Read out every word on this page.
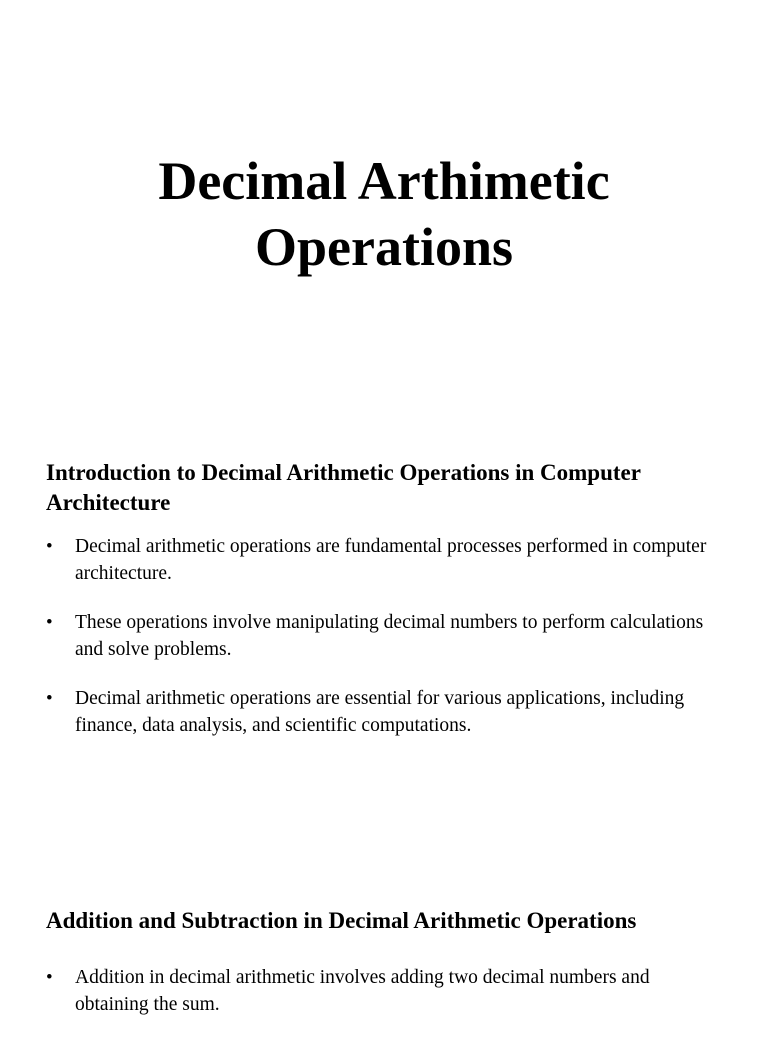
Decimal Arthimetic
Operations
Introduction to Decimal Arithmetic Operations in Computer Architecture
• Decimal arithmetic operations are fundamental processes performed in computer architecture.
• These operations involve manipulating decimal numbers to perform calculations and solve problems.
• Decimal arithmetic operations are essential for various applications, including finance, data analysis, and scientific computations.
Addition and Subtraction in Decimal Arithmetic Operations
• Addition in decimal arithmetic involves adding two decimal numbers and obtaining the sum.
